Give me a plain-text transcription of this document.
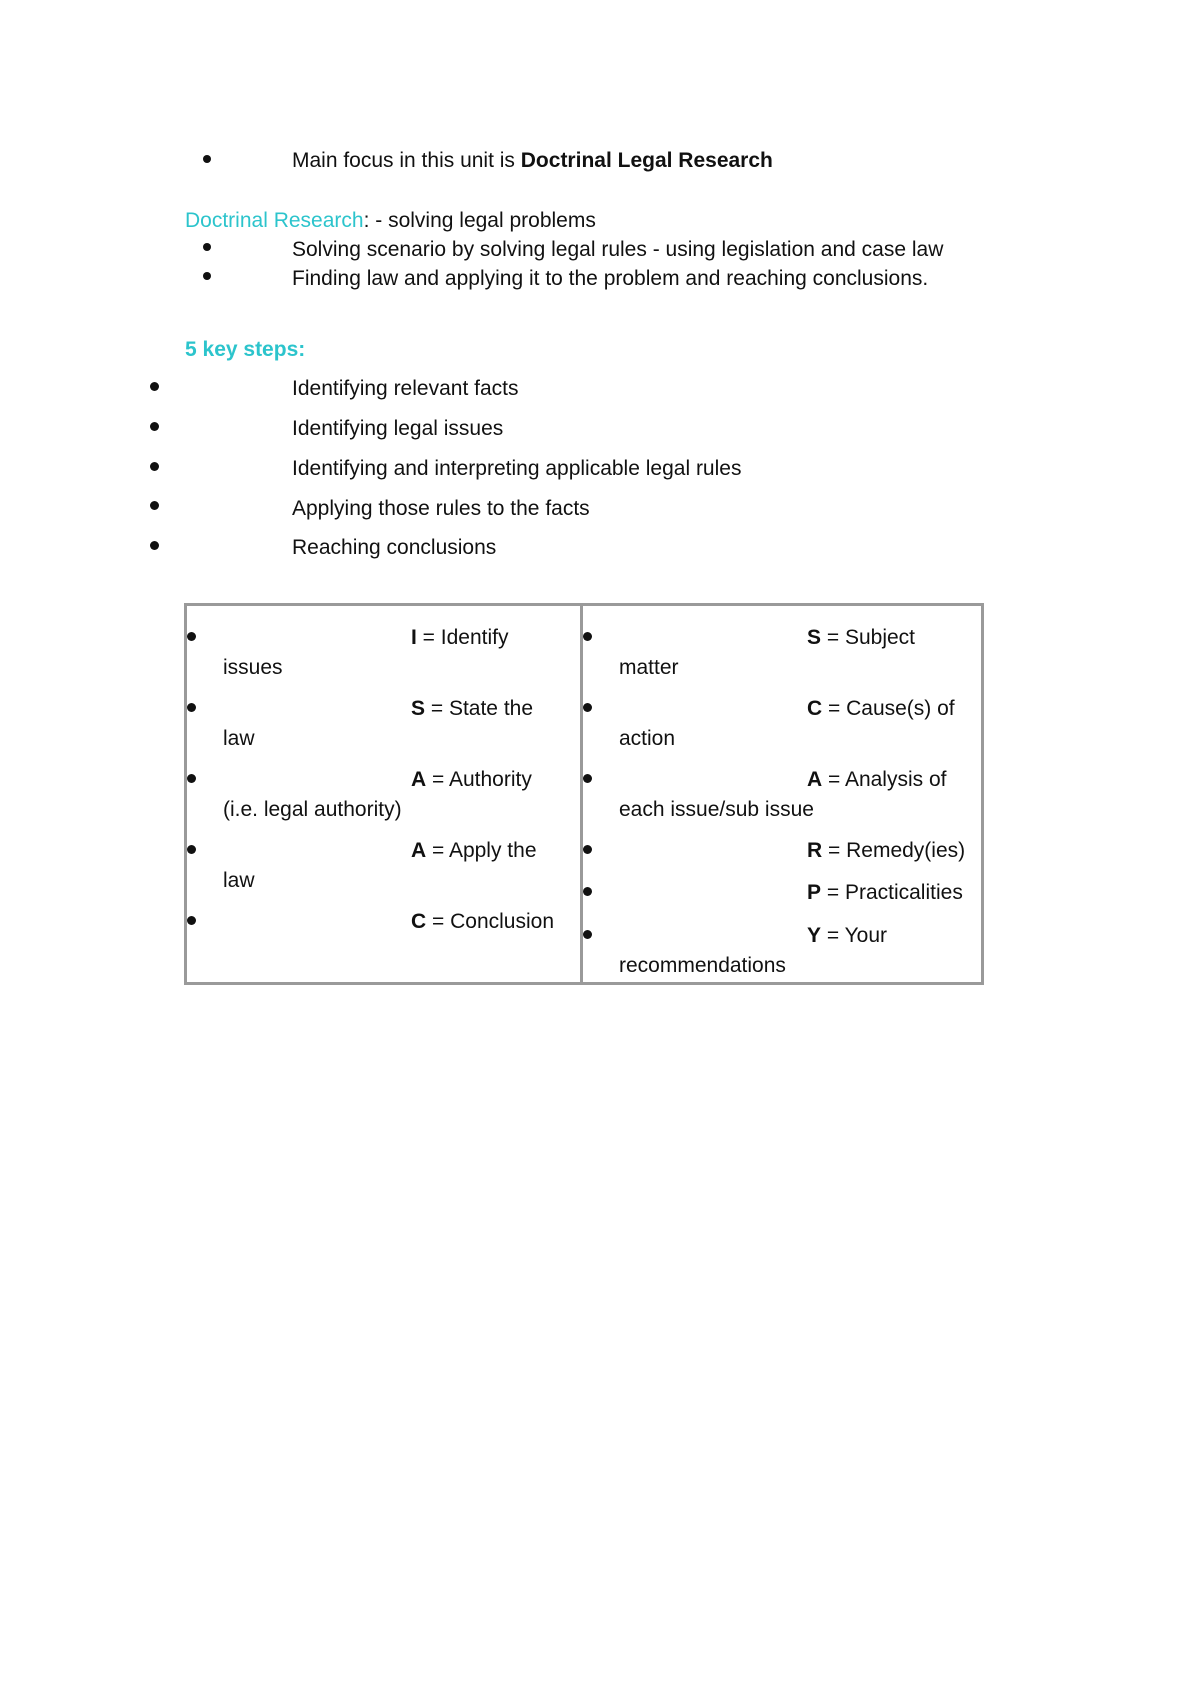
Main focus in this unit is Doctrinal Legal Research
Doctrinal Research: - solving legal problems
Solving scenario by solving legal rules - using legislation and case law
Finding law and applying it to the problem and reaching conclusions.
5 key steps:
Identifying relevant facts
Identifying legal issues
Identifying and interpreting applicable legal rules
Applying those rules to the facts
Reaching conclusions
I = Identify
issues
S = State the
law
A = Authority
(i.e. legal authority)
A = Apply the
law
C = Conclusion
S = Subject
matter
C = Cause(s) of
action
A = Analysis of
each issue/sub issue
R = Remedy(ies)
P = Practicalities
Y = Your
recommendations
